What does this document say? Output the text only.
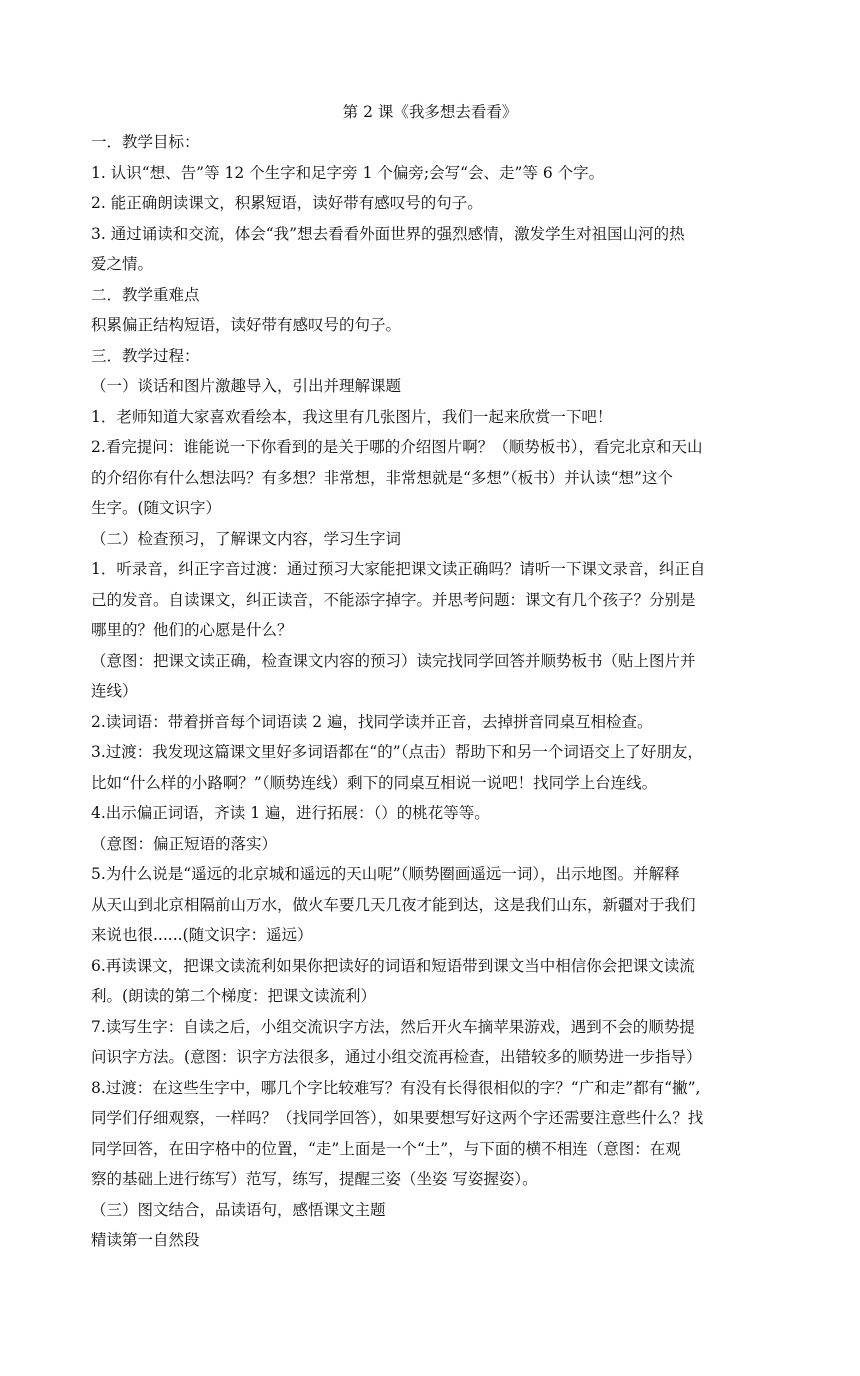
第 2 课《我多想去看看》
一．教学目标：
1. 认识“想、告”等 12 个生字和足字旁 1 个偏旁;会写“会、走”等 6 个字。
2. 能正确朗读课文，积累短语，读好带有感叹号的句子。
3. 通过诵读和交流，体会“我”想去看看外面世界的强烈感情，激发学生对祖国山河的热
爱之情。
二．教学重难点
积累偏正结构短语，读好带有感叹号的句子。
三．教学过程：
（一）谈话和图片激趣导入，引出并理解课题
1．老师知道大家喜欢看绘本，我这里有几张图片，我们一起来欣赏一下吧！
2.看完提问：谁能说一下你看到的是关于哪的介绍图片啊？（顺势板书），看完北京和天山
的介绍你有什么想法吗？有多想？非常想，非常想就是“多想”（板书）并认读“想”这个
生字。(随文识字）
（二）检查预习，了解课文内容，学习生字词
1．听录音，纠正字音过渡：通过预习大家能把课文读正确吗？请听一下课文录音，纠正自
己的发音。自读课文，纠正读音，不能添字掉字。并思考问题：课文有几个孩子？分别是
哪里的？他们的心愿是什么？
（意图：把课文读正确，检查课文内容的预习）读完找同学回答并顺势板书（贴上图片并
连线）
2.读词语：带着拼音每个词语读 2 遍，找同学读并正音，去掉拼音同桌互相检查。
3.过渡：我发现这篇课文里好多词语都在“的”（点击）帮助下和另一个词语交上了好朋友，
比如“什么样的小路啊？”（顺势连线）剩下的同桌互相说一说吧！找同学上台连线。
4.出示偏正词语，齐读 1 遍，进行拓展：（）的桃花等等。
（意图：偏正短语的落实）
5.为什么说是“遥远的北京城和遥远的天山呢”（顺势圈画遥远一词），出示地图。并解释
从天山到北京相隔前山万水，做火车要几天几夜才能到达，这是我们山东，新疆对于我们
来说也很......(随文识字：遥远）
6.再读课文，把课文读流利如果你把读好的词语和短语带到课文当中相信你会把课文读流
利。(朗读的第二个梯度：把课文读流利）
7.读写生字：自读之后，小组交流识字方法，然后开火车摘苹果游戏，遇到不会的顺势提
问识字方法。(意图：识字方法很多，通过小组交流再检查，出错较多的顺势进一步指导）
8.过渡：在这些生字中，哪几个字比较难写？有没有长得很相似的字？“广和走”都有“撇”,
同学们仔细观察，一样吗？（找同学回答），如果要想写好这两个字还需要注意些什么？找
同学回答，在田字格中的位置，“走”上面是一个“土”，与下面的横不相连（意图：在观
察的基础上进行练写）范写，练写，提醒三姿（坐姿 写姿握姿）。
（三）图文结合，品读语句，感悟课文主题
精读第一自然段
